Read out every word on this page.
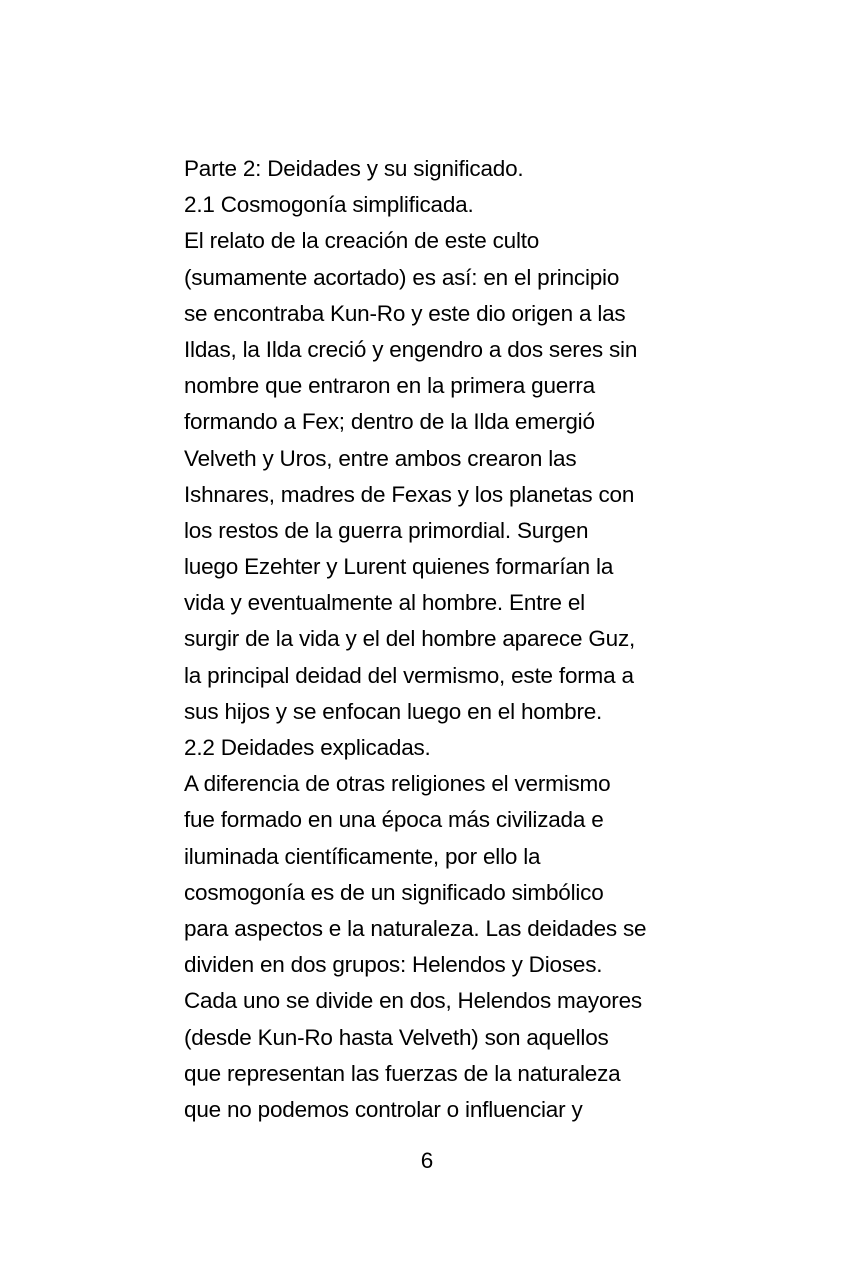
Parte 2: Deidades y su significado.
2.1 Cosmogonía simplificada.
El relato de la creación de este culto
(sumamente acortado) es así: en el principio
se encontraba Kun-Ro y este dio origen a las
Ildas, la Ilda creció y engendro a dos seres sin
nombre que entraron en la primera guerra
formando a Fex; dentro de la Ilda emergió
Velveth y Uros, entre ambos crearon las
Ishnares, madres de Fexas y los planetas con
los restos de la guerra primordial. Surgen
luego Ezehter y Lurent quienes formarían la
vida y eventualmente al hombre. Entre el
surgir de la vida y el del hombre aparece Guz,
la principal deidad del vermismo, este forma a
sus hijos y se enfocan luego en el hombre.
2.2 Deidades explicadas.
A diferencia de otras religiones el vermismo
fue formado en una época más civilizada e
iluminada científicamente, por ello la
cosmogonía es de un significado simbólico
para aspectos e la naturaleza. Las deidades se
dividen en dos grupos: Helendos y Dioses.
Cada uno se divide en dos, Helendos mayores
(desde Kun-Ro hasta Velveth) son aquellos
que representan las fuerzas de la naturaleza
que no podemos controlar o influenciar y
6
